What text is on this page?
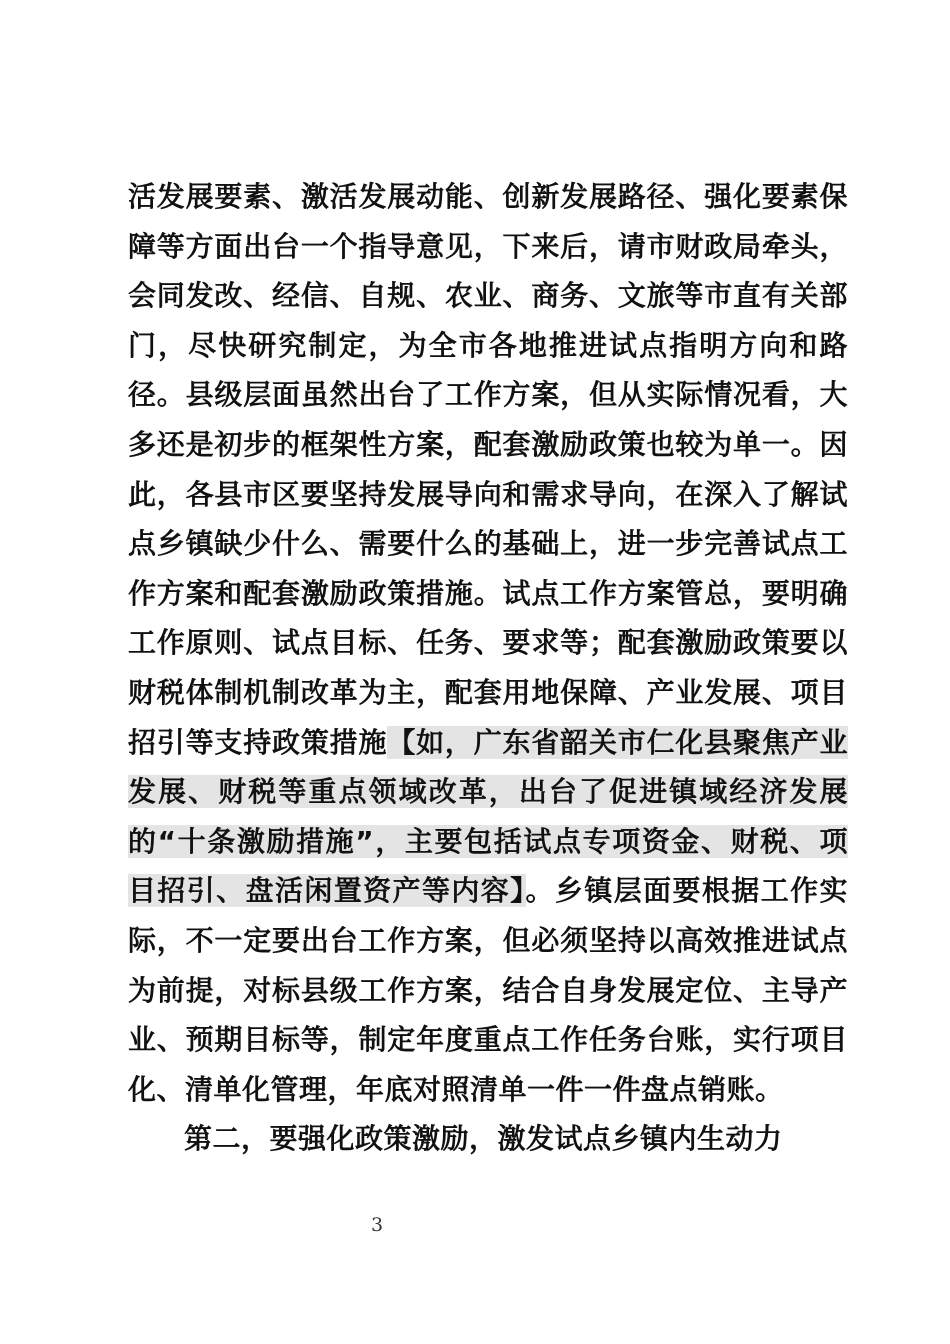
活发展要素、激活发展动能、创新发展路径、强化要素保障等方面出台一个指导意见，下来后，请市财政局牵头，会同发改、经信、自规、农业、商务、文旅等市直有关部门，尽快研究制定，为全市各地推进试点指明方向和路径。县级层面虽然出台了工作方案，但从实际情况看，大多还是初步的框架性方案，配套激励政策也较为单一。因此，各县市区要坚持发展导向和需求导向，在深入了解试点乡镇缺少什么、需要什么的基础上，进一步完善试点工作方案和配套激励政策措施。试点工作方案管总，要明确工作原则、试点目标、任务、要求等；配套激励政策要以财税体制机制改革为主，配套用地保障、产业发展、项目招引等支持政策措施【如，广东省韶关市仁化县聚焦产业发展、财税等重点领域改革，出台了促进镇域经济发展的“十条激励措施”，主要包括试点专项资金、财税、项目招引、盘活闲置资产等内容】。乡镇层面要根据工作实际，不一定要出台工作方案，但必须坚持以高效推进试点为前提，对标县级工作方案，结合自身发展定位、主导产业、预期目标等，制定年度重点工作任务台账，实行项目化、清单化管理，年底对照清单一件一件盘点销账。

第二，要强化政策激励，激发试点乡镇内生动力

3
